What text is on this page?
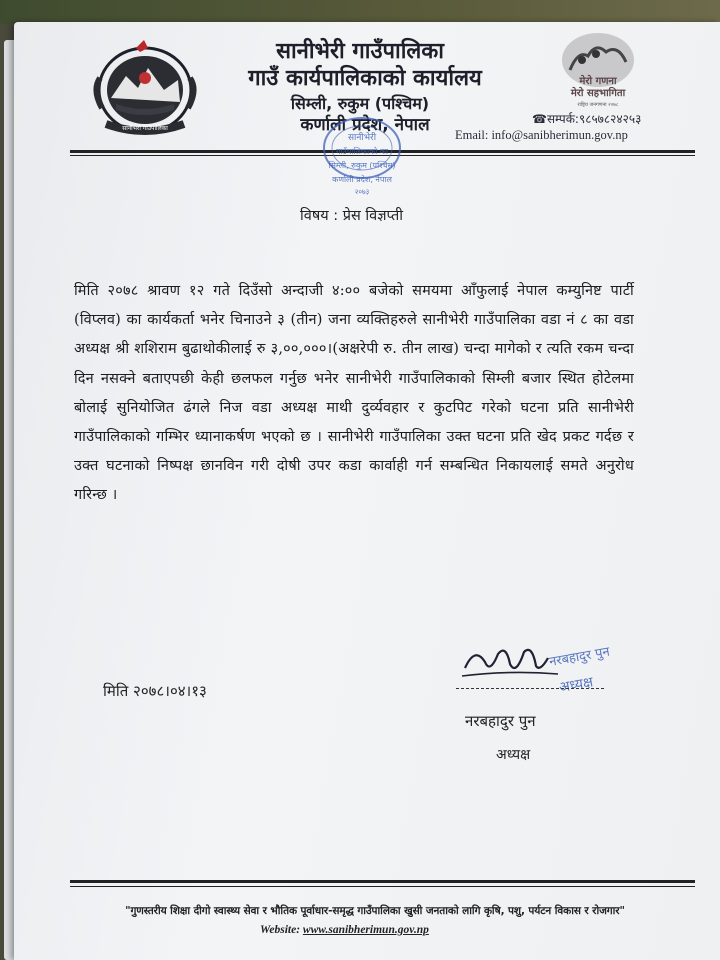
सानीभेरी गाउँपालिका
सानीभेरी गाउँपालिका
गाउँ कार्यपालिकाको कार्यालय
सिम्ली, रुकुम (पश्चिम)
कर्णाली प्रदेश, नेपाल
मेरो गणना
मेरो सहभागिता
राष्ट्रिय जनगणना २०७८
☎सम्पर्क:९८५७८२४२५३
Email: info@sanibherimun.gov.np
सानीभेरी
गाउँपालिकाको का
सिम्ली, रुकुम (पश्चिम)
कर्णाली प्रदेश, नेपाल
२०७३
विषय : प्रेस विज्ञप्ती
मिति २०७८ श्रावण १२ गते दिउँसो अन्दाजी ४:०० बजेको समयमा आँफुलाई नेपाल कम्युनिष्ट पार्टी (विप्लव) का कार्यकर्ता भनेर चिनाउने ३ (तीन) जना व्यक्तिहरुले सानीभेरी गाउँपालिका वडा नं ८ का वडा अध्यक्ष श्री शशिराम बुढाथोकीलाई रु ३,००,०००।(अक्षरेपी रु. तीन लाख) चन्दा मागेको र त्यति रकम चन्दा दिन नसक्ने बताएपछी केही छलफल गर्नुछ भनेर सानीभेरी गाउँपालिकाको सिम्ली बजार स्थित होटेलमा बोलाई सुनियोजित ढंगले निज वडा अध्यक्ष माथी दुर्व्यवहार र कुटपिट गरेको घटना प्रति सानीभेरी गाउँपालिकाको गम्भिर ध्यानाकर्षण भएको छ । सानीभेरी गाउँपालिका उक्त घटना प्रति खेद प्रकट गर्दछ र उक्त घटनाको निष्पक्ष छानविन गरी दोषी उपर कडा कार्वाही गर्न सम्बन्धित निकायलाई समते अनुरोध गरिन्छ ।
मिति २०७८।०४।१३
नरबहादुर पुन
अध्यक्ष
नरबहादुर पुन
अध्यक्ष
"गुणस्तरीय शिक्षा दीगो स्वास्थ्य सेवा र भौतिक पूर्वाधार-समृद्ध गाउँपालिका खुसी जनताको लागि कृषि, पशु, पर्यटन विकास र रोजगार"
Website: www.sanibherimun.gov.np
